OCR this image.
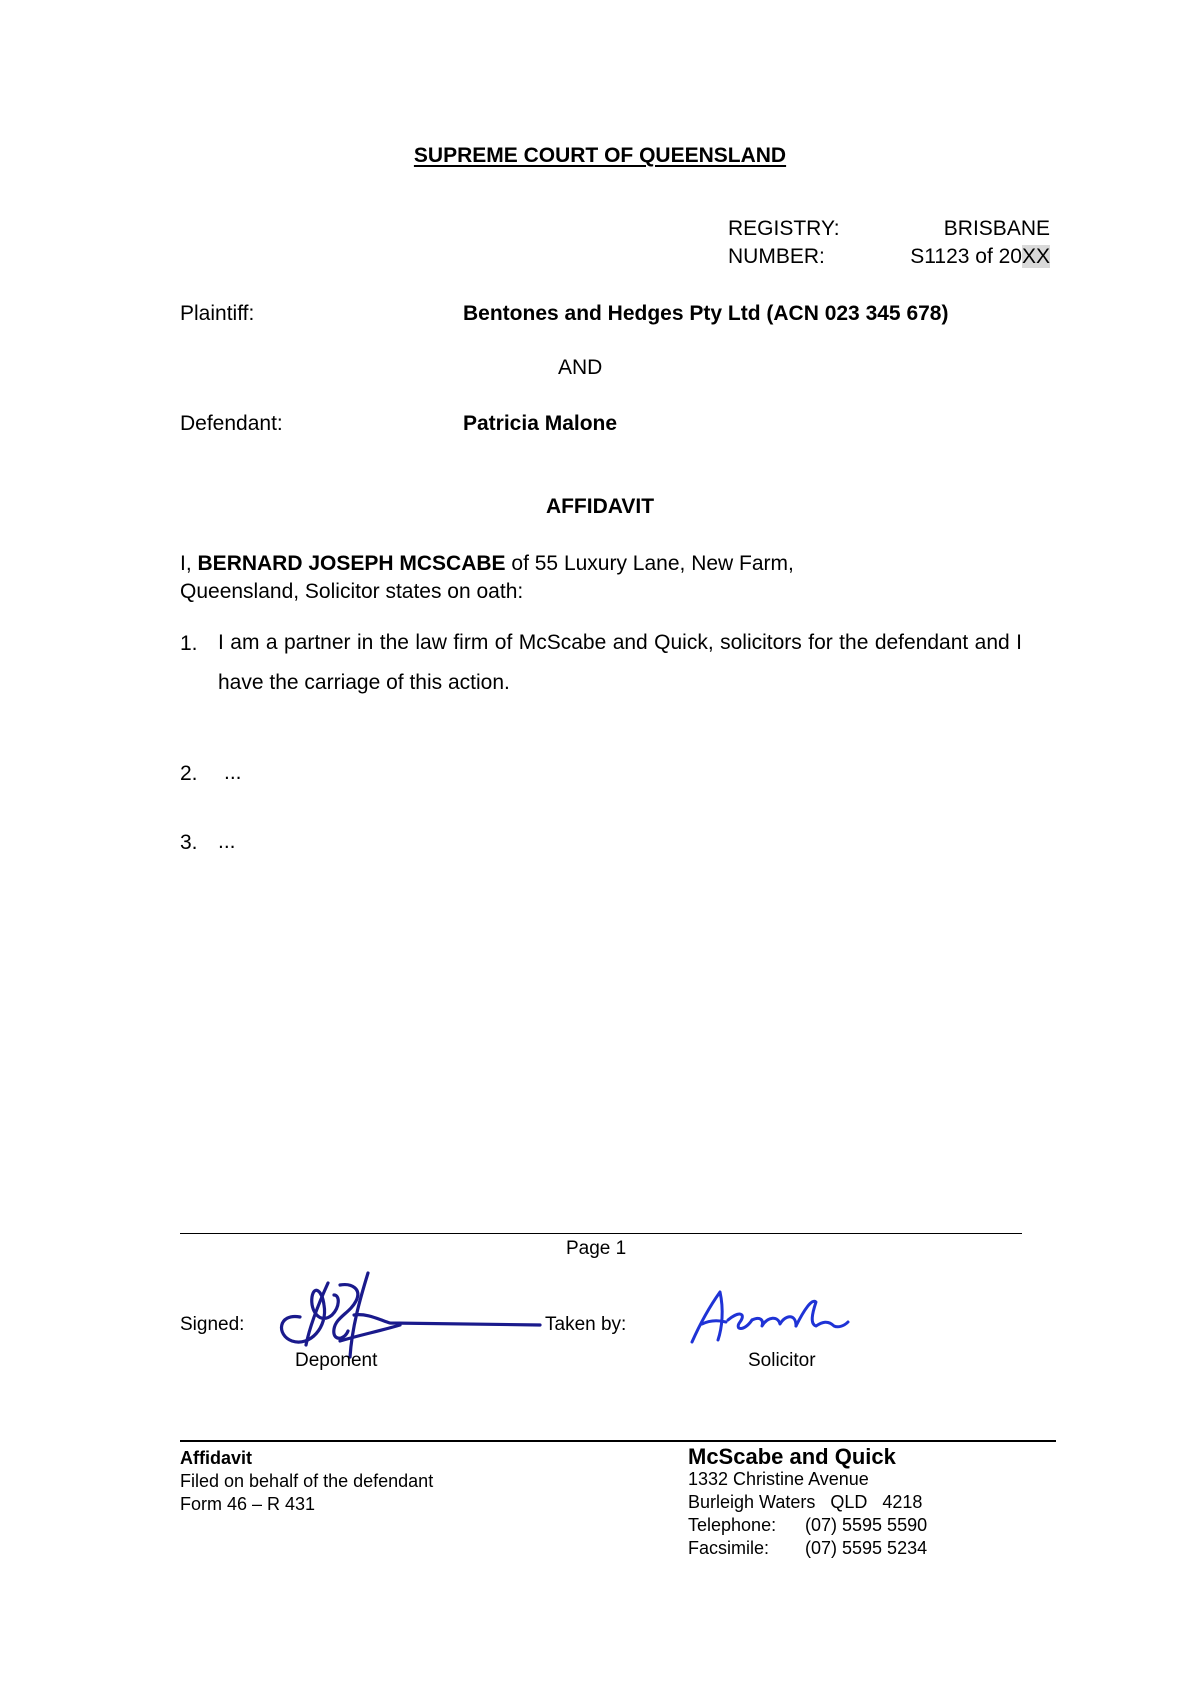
SUPREME COURT OF QUEENSLAND
REGISTRY:	BRISBANE
NUMBER:	S1123 of 20XX
Plaintiff:	Bentones and Hedges Pty Ltd (ACN 023 345 678)
AND
Defendant:	Patricia Malone
AFFIDAVIT
I, BERNARD JOSEPH MCSCABE of 55 Luxury Lane, New Farm, Queensland, Solicitor states on oath:
1. I am a partner in the law firm of McScabe and Quick, solicitors for the defendant and I have the carriage of this action.
2. ...
3. ...
Page 1
Signed:	Taken by:
Deponent	Solicitor
Affidavit
Filed on behalf of the defendant
Form 46 – R 431
McScabe and Quick
1332 Christine Avenue
Burleigh Waters   QLD   4218
Telephone:	(07) 5595 5590
Facsimile:	(07) 5595 5234
